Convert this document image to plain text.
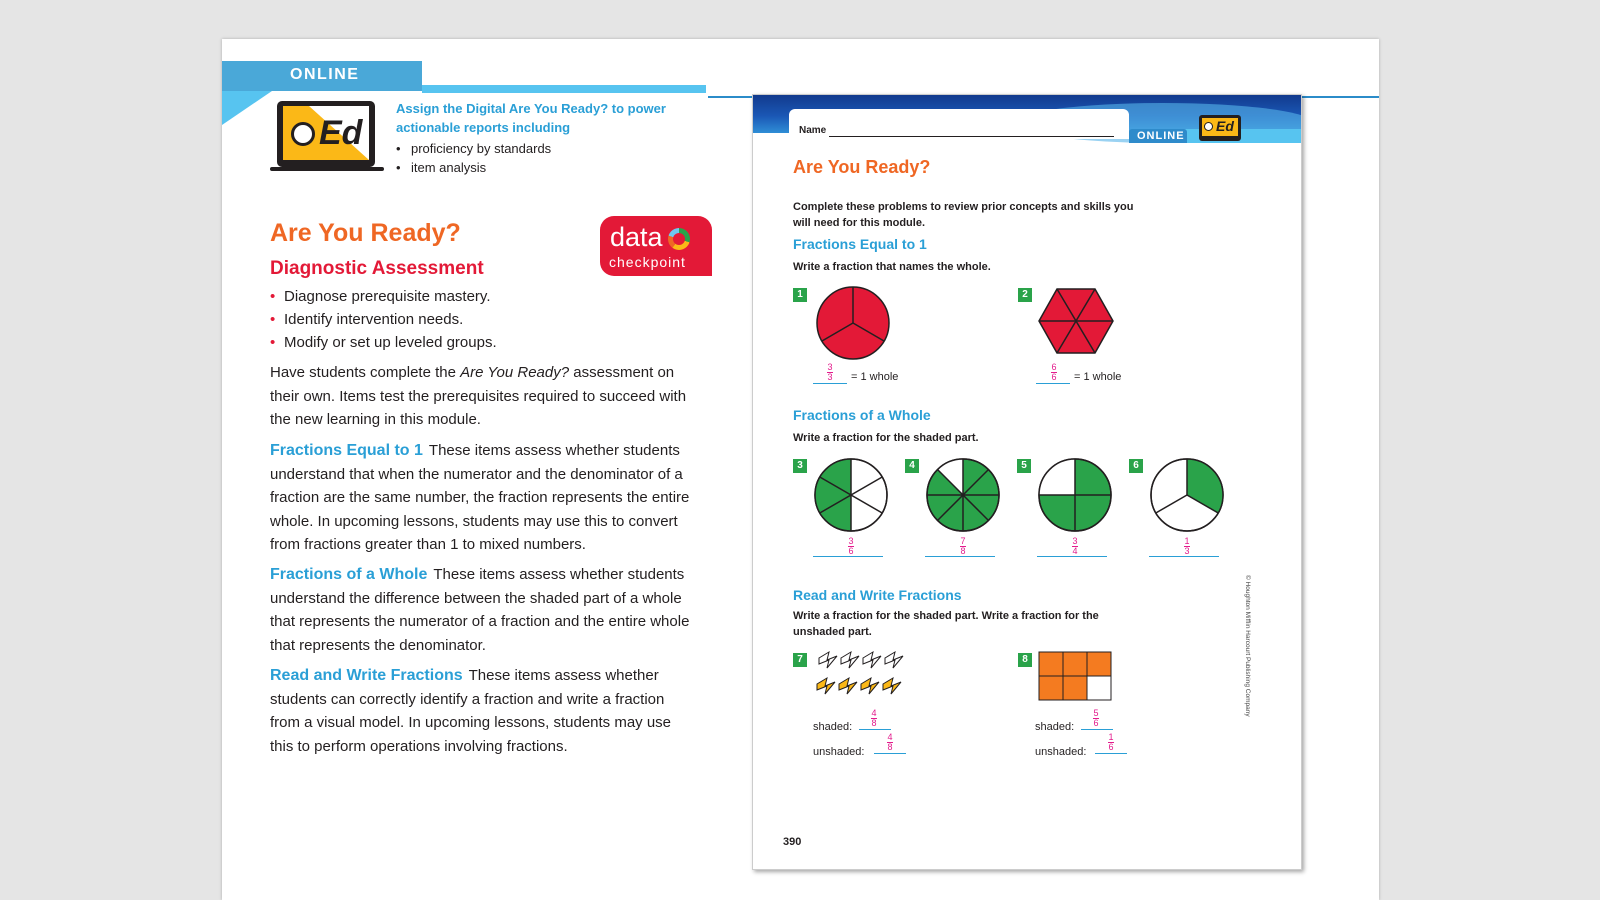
ONLINE
Ed
Assign the Digital Are You Ready? to power actionable reports including
• proficiency by standards
• item analysis
Are You Ready?
Diagnostic Assessment
• Diagnose prerequisite mastery.
• Identify intervention needs.
• Modify or set up leveled groups.
data
checkpoint
Have students complete the Are You Ready? assessment on their own. Items test the prerequisites required to succeed with the new learning in this module.
Fractions Equal to 1 These items assess whether students understand that when the numerator and the denominator of a fraction are the same number, the fraction represents the entire whole. In upcoming lessons, students may use this to convert from fractions greater than 1 to mixed numbers.
Fractions of a Whole These items assess whether students understand the difference between the shaded part of a whole that represents the numerator of a fraction and the entire whole that represents the denominator.
Read and Write Fractions These items assess whether students can correctly identify a fraction and write a fraction from a visual model. In upcoming lessons, students may use this to perform operations involving fractions.
ONLINE
Ed
Name
Are You Ready?
Complete these problems to review prior concepts and skills you will need for this module.
Fractions Equal to 1
Write a fraction that names the whole.
1
3
3	= 1 whole
2
6
6	= 1 whole
Fractions of a Whole
Write a fraction for the shaded part.
3
3
6
4
7
8
5
3
4
6
1
3
Read and Write Fractions
Write a fraction for the shaded part. Write a fraction for the unshaded part.
7
shaded:
4
8
unshaded:
4
8
8
shaded:
5
6
unshaded:
1
6
390
© Houghton Mifflin Harcourt Publishing Company
